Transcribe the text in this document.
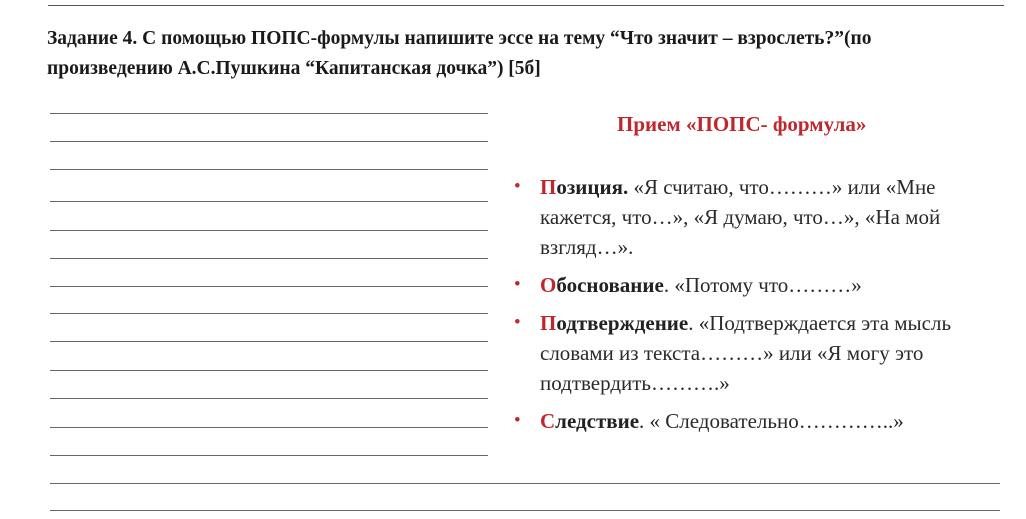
Задание 4. С помощью ПОПС-формулы напишите эссе на тему “Что значит – взрослеть?”(по
произведению А.С.Пушкина “Капитанская дочка”) [5б]
Прием «ПОПС- формула»
• Позиция. «Я считаю, что………» или «Мне кажется, что…», «Я думаю, что…», «На мой взгляд…».
• Обоснование. «Потому что………»
• Подтверждение. «Подтверждается эта мысль словами из текста………» или «Я могу это подтвердить……….»
• Следствие. « Следовательно…………..»
